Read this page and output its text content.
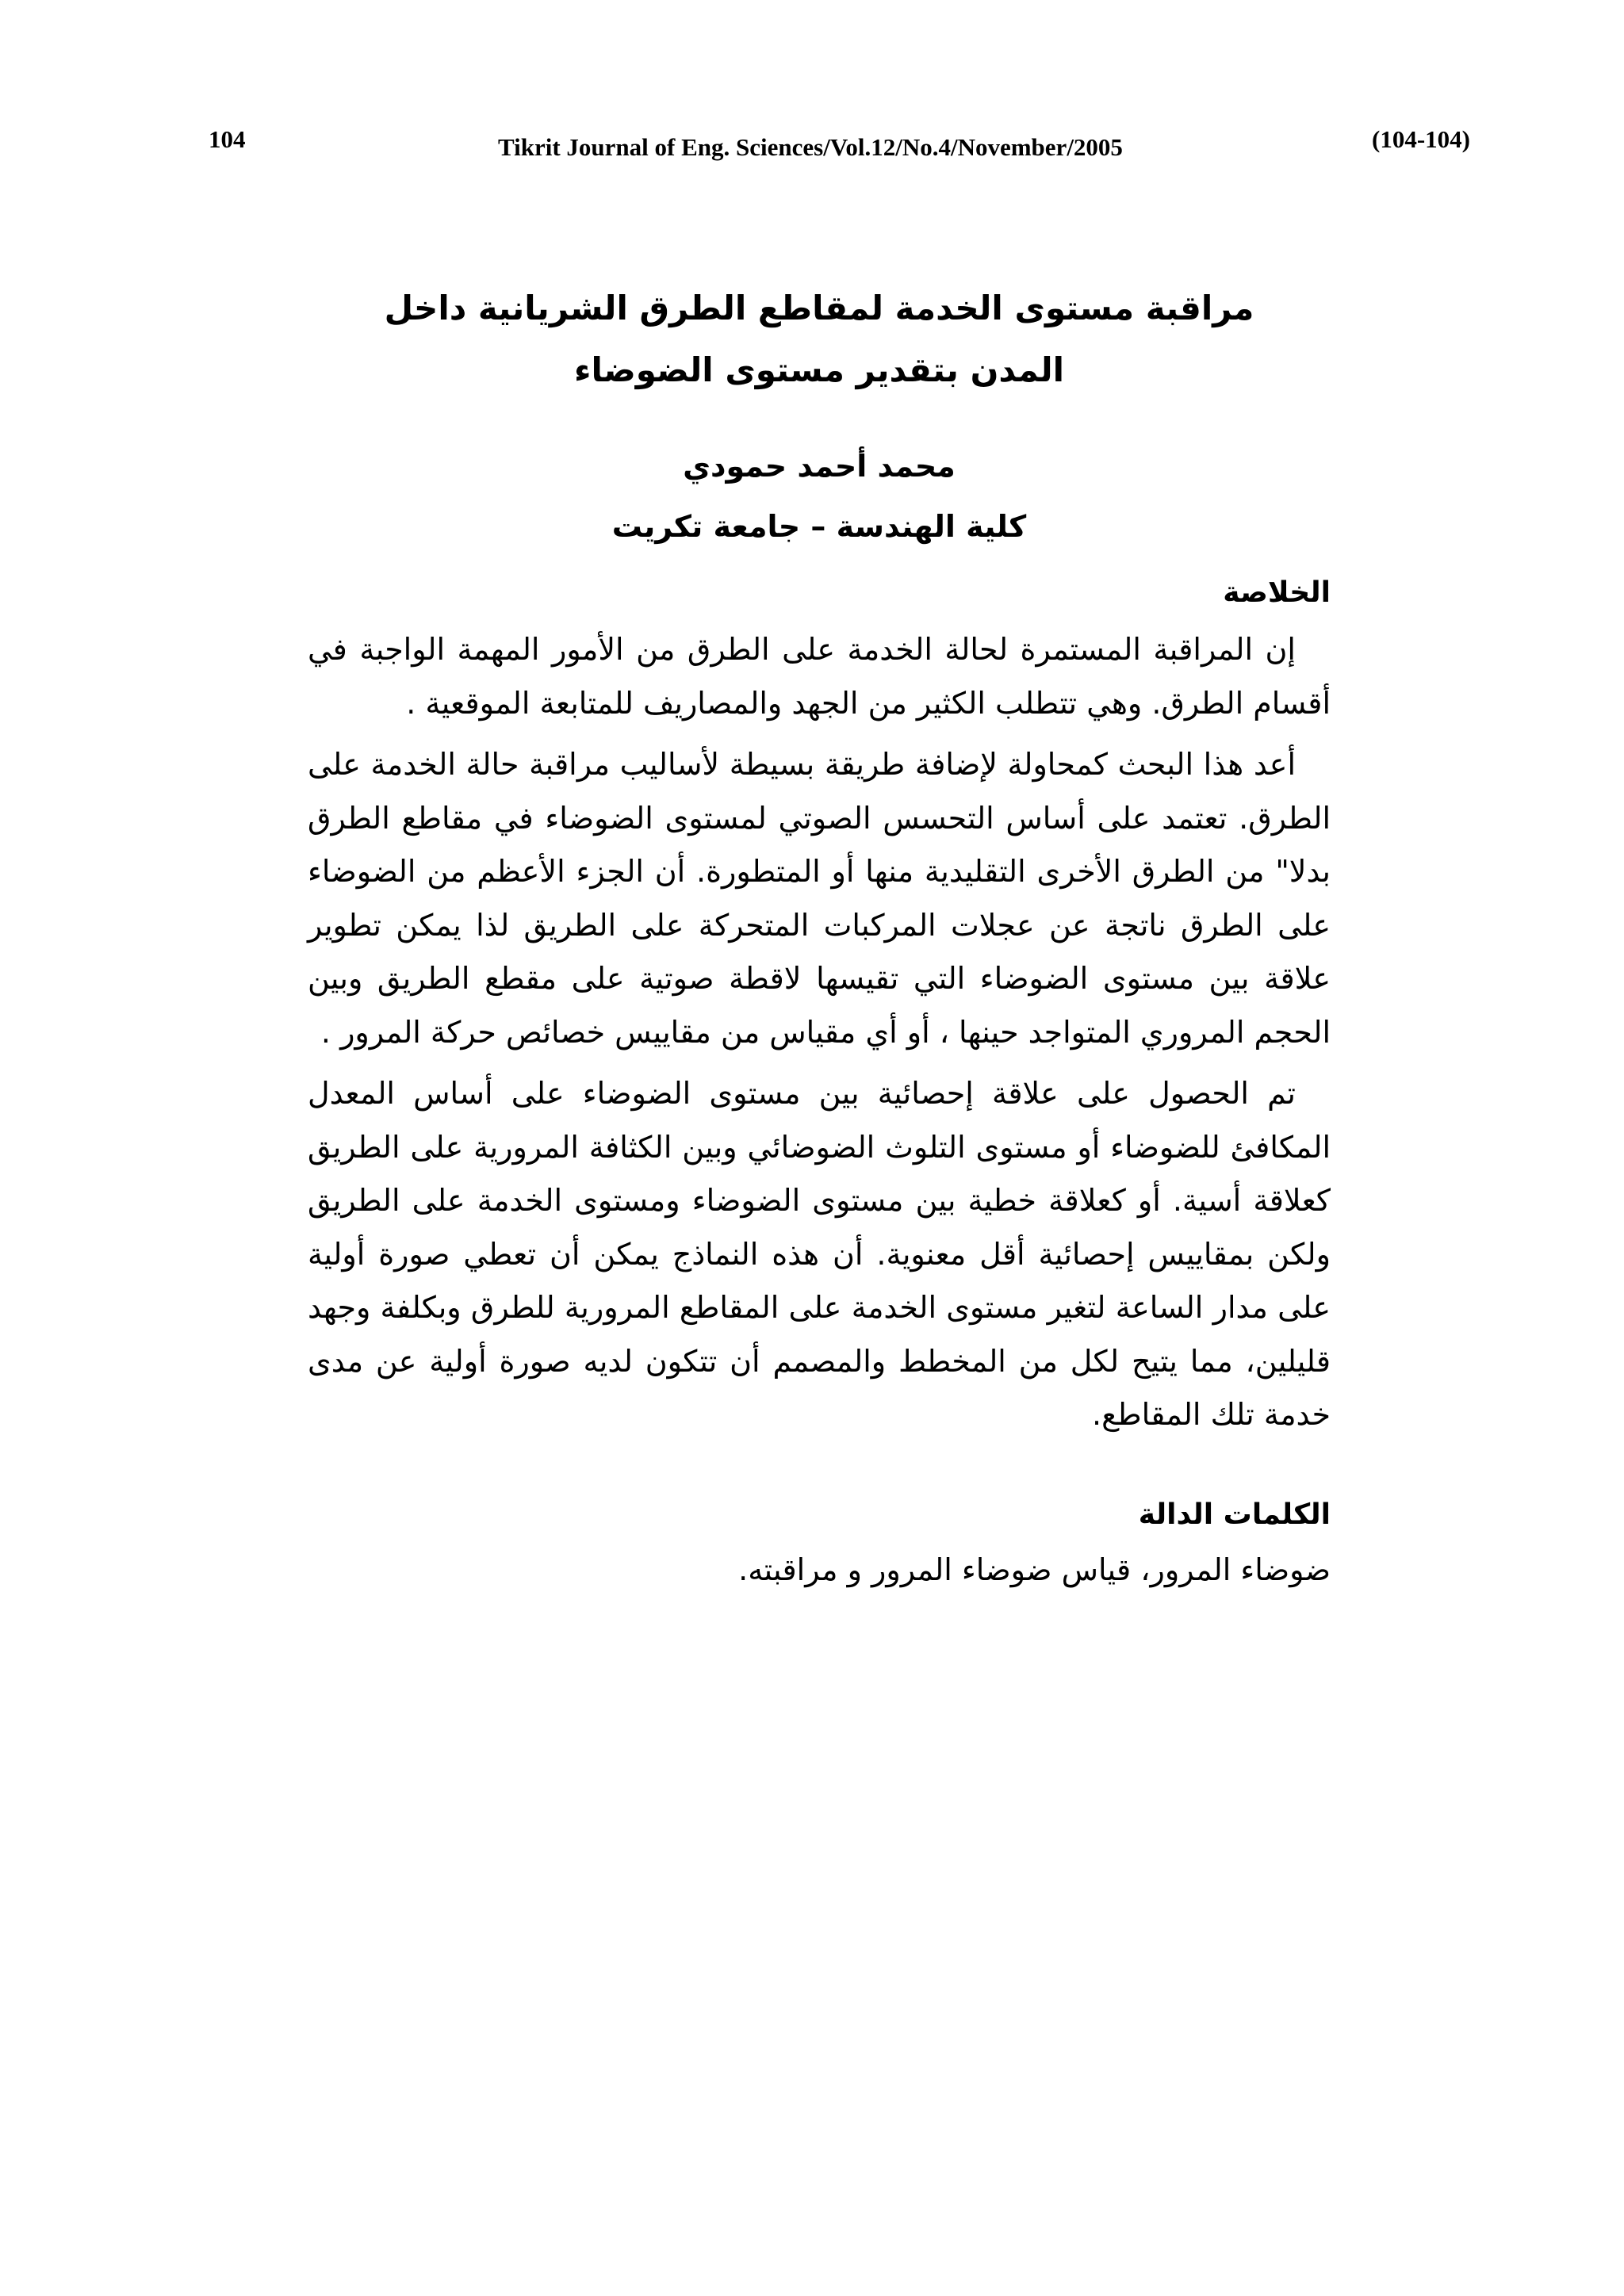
104	Tikrit Journal of Eng. Sciences/Vol.12/No.4/November/2005	(104-104)
مراقبة مستوى الخدمة لمقاطع الطرق الشريانية داخل
المدن بتقدير مستوى الضوضاء

محمد أحمد حمودي

كلية الهندسة – جامعة تكريت

الخلاصة

إن المراقبة المستمرة لحالة الخدمة على الطرق من الأمور المهمة الواجبة في أقسام الطرق. وهي تتطلب الكثير من الجهد والمصاريف للمتابعة الموقعية .

أعد هذا البحث كمحاولة لإضافة طريقة بسيطة لأساليب مراقبة حالة الخدمة على الطرق. تعتمد على أساس التحسس الصوتي لمستوى الضوضاء في مقاطع الطرق بدلا" من الطرق الأخرى التقليدية منها أو المتطورة. أن الجزء الأعظم من الضوضاء على الطرق ناتجة عن عجلات المركبات المتحركة على الطريق لذا يمكن تطوير علاقة بين مستوى الضوضاء التي تقيسها لاقطة صوتية على مقطع الطريق وبين الحجم المروري المتواجد حينها ، أو أي مقياس من مقاييس خصائص حركة المرور .

تم الحصول على علاقة إحصائية بين مستوى الضوضاء على أساس المعدل المكافئ للضوضاء أو مستوى التلوث الضوضائي وبين الكثافة المرورية على الطريق كعلاقة أسية. أو كعلاقة خطية بين مستوى الضوضاء ومستوى الخدمة على الطريق ولكن بمقاييس إحصائية أقل معنوية. أن هذه النماذج يمكن أن تعطي صورة أولية على مدار الساعة لتغير مستوى الخدمة على المقاطع المرورية للطرق وبكلفة وجهد قليلين، مما يتيح لكل من المخطط والمصمم أن تتكون لديه صورة أولية عن مدى خدمة تلك المقاطع.

الكلمات الدالة

ضوضاء المرور، قياس ضوضاء المرور و مراقبته.
